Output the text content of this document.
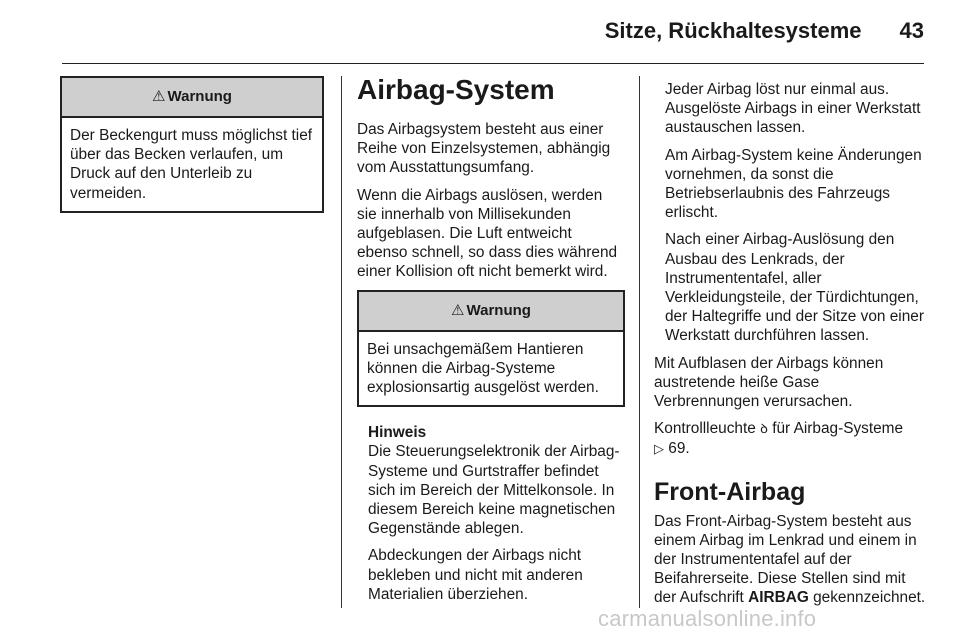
Sitze, Rückhaltesysteme 43
⚠ Warnung
Der Beckengurt muss möglichst tief über das Becken verlaufen, um Druck auf den Unterleib zu vermeiden.
Airbag-System

Das Airbagsystem besteht aus einer Reihe von Einzelsystemen, abhängig vom Ausstattungsumfang.

Wenn die Airbags auslösen, werden sie innerhalb von Millisekunden aufgeblasen. Die Luft entweicht ebenso schnell, so dass dies während einer Kollision oft nicht bemerkt wird.

⚠ Warnung
Bei unsachgemäßem Hantieren können die Airbag-Systeme explosionsartig ausgelöst werden.
Hinweis

Die Steuerungselektronik der Airbag-Systeme und Gurtstraffer befindet sich im Bereich der Mittelkonsole. In diesem Bereich keine magnetischen Gegenstände ablegen.

Abdeckungen der Airbags nicht bekleben und nicht mit anderen Materialien überziehen.

Jeder Airbag löst nur einmal aus. Ausgelöste Airbags in einer Werkstatt austauschen lassen.

Am Airbag-System keine Änderungen vornehmen, da sonst die Betriebserlaubnis des Fahrzeugs erlischt.

Nach einer Airbag-Auslösung den Ausbau des Lenkrads, der Instrumententafel, aller Verkleidungsteile, der Türdichtungen, der Haltegriffe und der Sitze von einer Werkstatt durchführen lassen.

Mit Aufblasen der Airbags können austretende heiße Gase Verbrennungen verursachen.

Kontrollleuchte ꝺ für Airbag-Systeme
▷ 69.

Front-Airbag

Das Front-Airbag-System besteht aus einem Airbag im Lenkrad und einem in der Instrumententafel auf der Beifahrerseite. Diese Stellen sind mit der Aufschrift AIRBAG gekennzeichnet.

carmanualsonline.info
